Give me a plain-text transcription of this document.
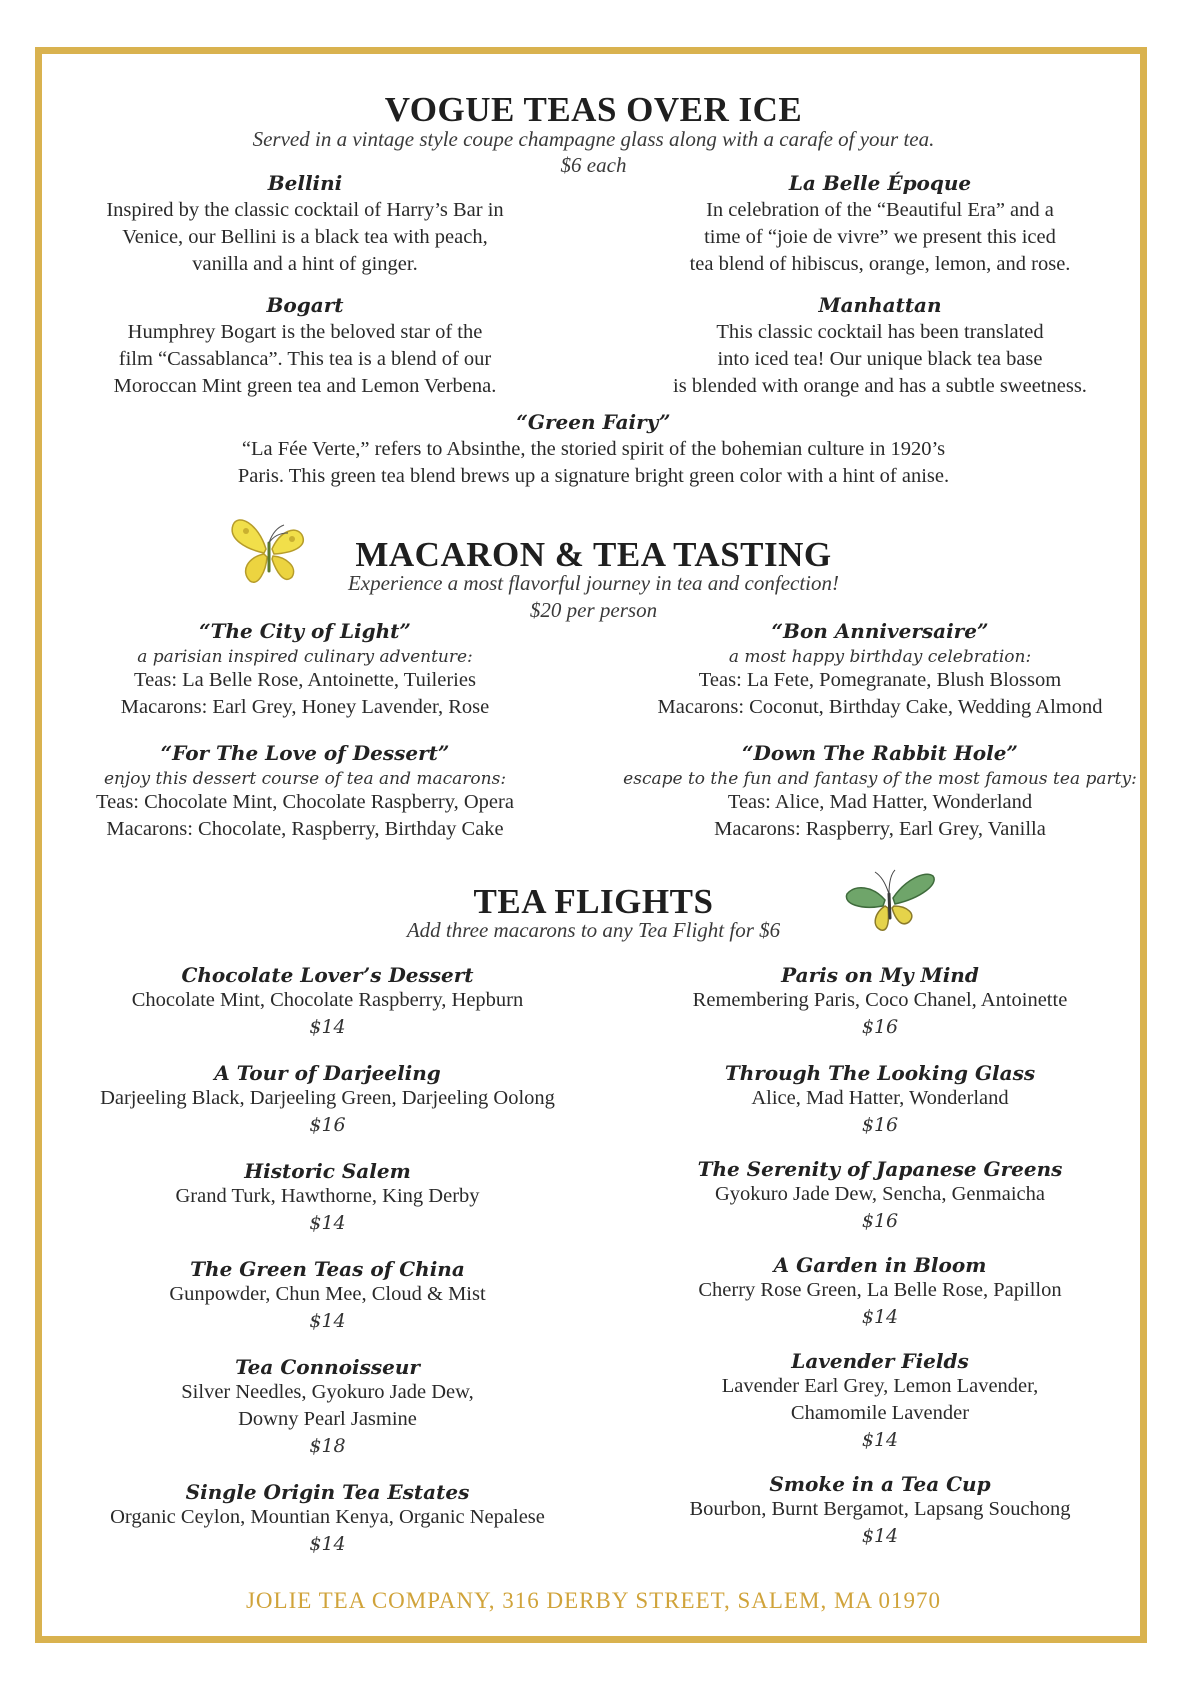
VOGUE TEAS OVER ICE
Served in a vintage style coupe champagne glass along with a carafe of your tea.
$6 each
Bellini
Inspired by the classic cocktail of Harry’s Bar in
Venice, our Bellini is a black tea with peach,
vanilla and a hint of ginger.
La Belle Époque
In celebration of the “Beautiful Era” and a
time of “joie de vivre” we present this iced
tea blend of hibiscus, orange, lemon, and rose.
Bogart
Humphrey Bogart is the beloved star of the
film “Cassablanca”. This tea is a blend of our
Moroccan Mint green tea and Lemon Verbena.
Manhattan
This classic cocktail has been translated
into iced tea! Our unique black tea base
is blended with orange and has a subtle sweetness.
“Green Fairy”
“La Fée Verte,” refers to Absinthe, the storied spirit of the bohemian culture in 1920’s
Paris. This green tea blend brews up a signature bright green color with a hint of anise.
MACARON & TEA TASTING
Experience a most flavorful journey in tea and confection!
$20 per person
“The City of Light”
a parisian inspired culinary adventure:
Teas: La Belle Rose, Antoinette, Tuileries
Macarons: Earl Grey, Honey Lavender, Rose
“Bon Anniversaire”
a most happy birthday celebration:
Teas: La Fete, Pomegranate, Blush Blossom
Macarons: Coconut, Birthday Cake, Wedding Almond
“For The Love of Dessert”
enjoy this dessert course of tea and macarons:
Teas: Chocolate Mint, Chocolate Raspberry, Opera
Macarons: Chocolate, Raspberry, Birthday Cake
“Down The Rabbit Hole”
escape to the fun and fantasy of the most famous tea party:
Teas: Alice, Mad Hatter, Wonderland
Macarons: Raspberry, Earl Grey, Vanilla
TEA FLIGHTS
Add three macarons to any Tea Flight for $6
Chocolate Lover’s Dessert
Chocolate Mint, Chocolate Raspberry, Hepburn
$14
A Tour of Darjeeling
Darjeeling Black, Darjeeling Green, Darjeeling Oolong
$16
Historic Salem
Grand Turk, Hawthorne, King Derby
$14
The Green Teas of China
Gunpowder, Chun Mee, Cloud & Mist
$14
Tea Connoisseur
Silver Needles, Gyokuro Jade Dew,
Downy Pearl Jasmine
$18
Single Origin Tea Estates
Organic Ceylon, Mountian Kenya, Organic Nepalese
$14
Paris on My Mind
Remembering Paris, Coco Chanel, Antoinette
$16
Through The Looking Glass
Alice, Mad Hatter, Wonderland
$16
The Serenity of Japanese Greens
Gyokuro Jade Dew, Sencha, Genmaicha
$16
A Garden in Bloom
Cherry Rose Green, La Belle Rose, Papillon
$14
Lavender Fields
Lavender Earl Grey, Lemon Lavender,
Chamomile Lavender
$14
Smoke in a Tea Cup
Bourbon, Burnt Bergamot, Lapsang Souchong
$14
JOLIE TEA COMPANY, 316 DERBY STREET, SALEM, MA 01970
